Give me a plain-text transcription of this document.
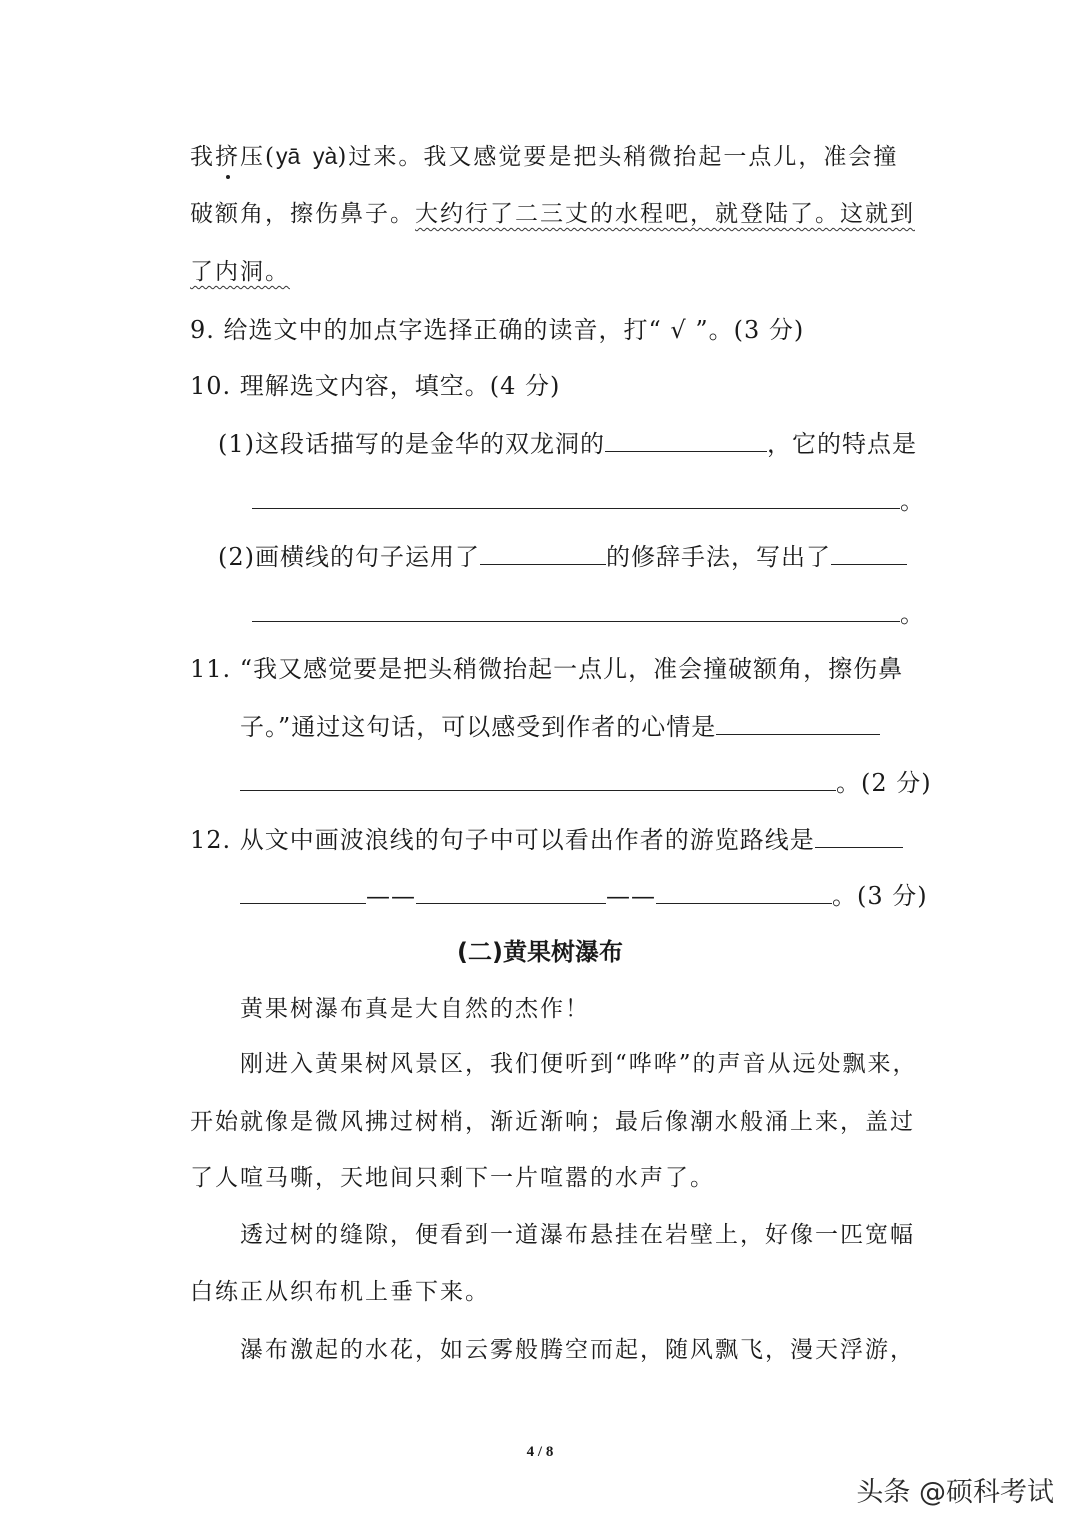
我挤压(yā  yà)过来。我又感觉要是把头稍微抬起一点儿，准会撞
破额角，擦伤鼻子。大约行了二三丈的水程吧，就登陆了。这就到
了内洞。
9. 给选文中的加点字选择正确的读音，打“ √ ”。(3 分)
10. 理解选文内容，填空。(4 分)
(1)这段话描写的是金华的双龙洞的	，它的特点是
。
(2)画横线的句子运用了	的修辞手法，写出了
。
11. “我又感觉要是把头稍微抬起一点儿，准会撞破额角，擦伤鼻
子。”通过这句话，可以感受到作者的心情是
。(2 分)
12. 从文中画波浪线的句子中可以看出作者的游览路线是
——	——	。(3 分)
(二)黄果树瀑布
黄果树瀑布真是大自然的杰作！
刚进入黄果树风景区，我们便听到“哗哗”的声音从远处飘来，
开始就像是微风拂过树梢，渐近渐响；最后像潮水般涌上来，盖过
了人喧马嘶，天地间只剩下一片喧嚣的水声了。
透过树的缝隙，便看到一道瀑布悬挂在岩壁上，好像一匹宽幅
白练正从织布机上垂下来。
瀑布激起的水花，如云雾般腾空而起，随风飘飞，漫天浮游，
4 / 8
头条 @硕科考试
